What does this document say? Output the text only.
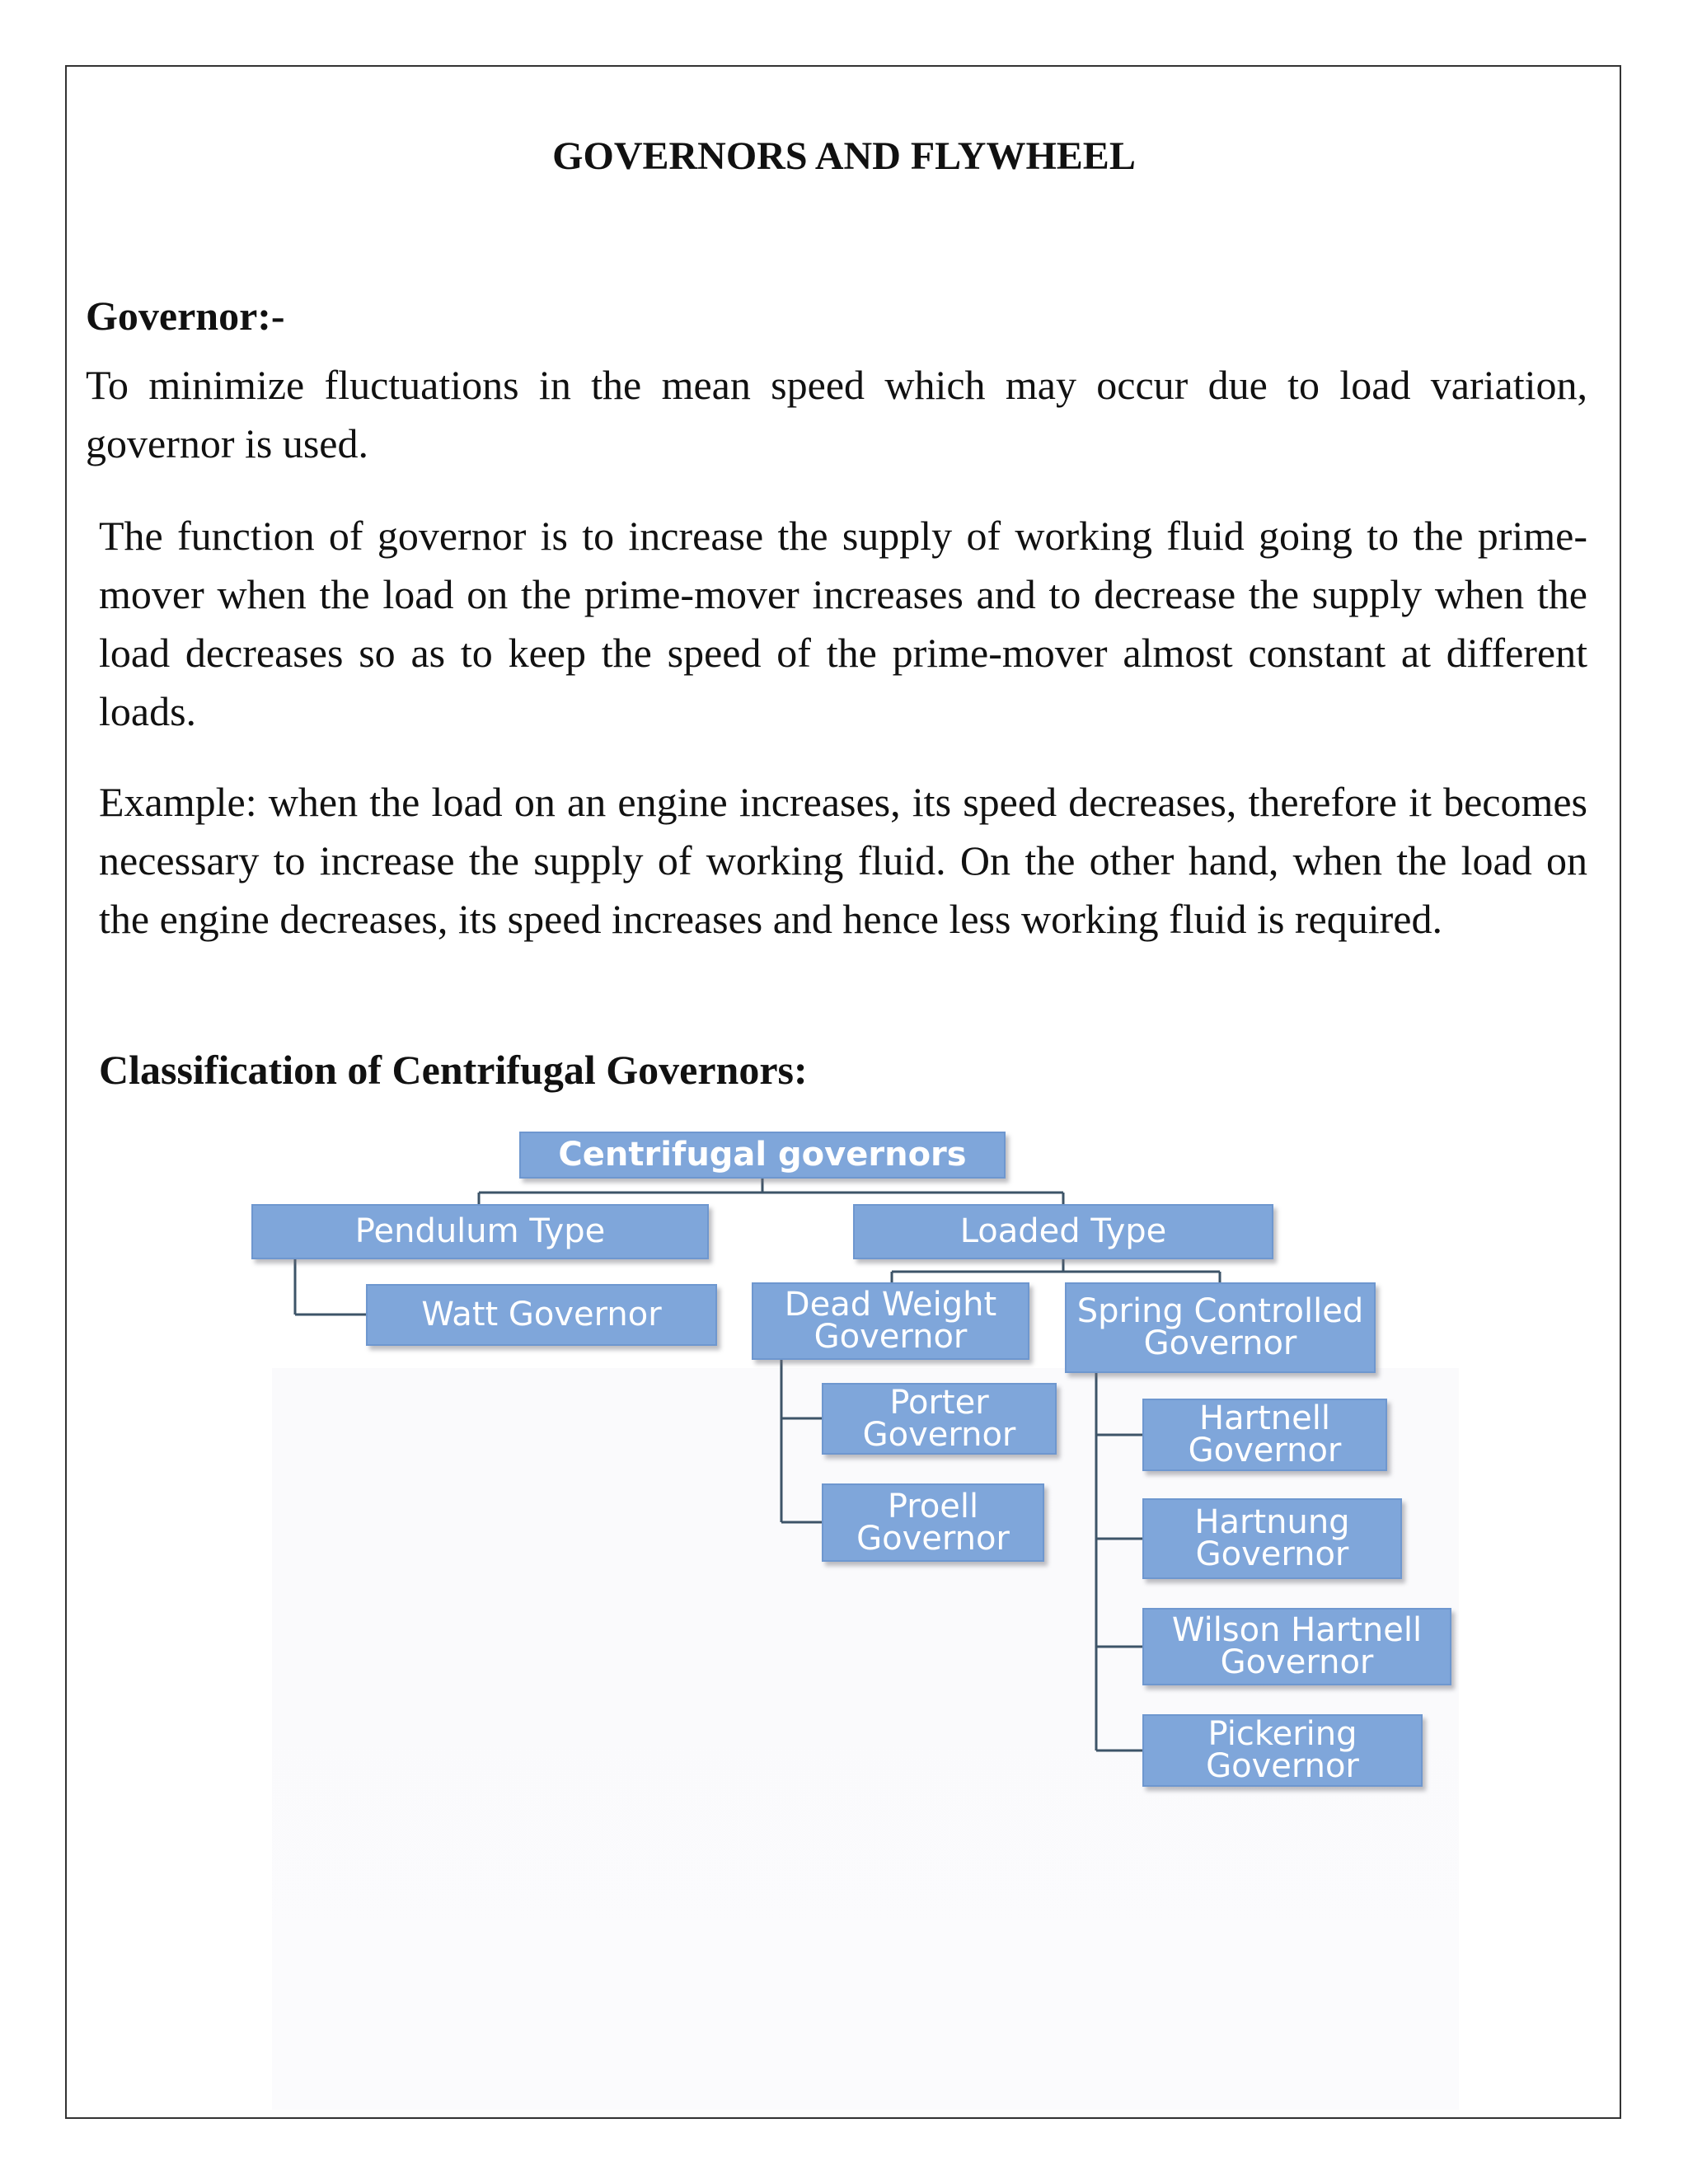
GOVERNORS AND FLYWHEEL
Governor:-

To minimize fluctuations in the mean speed which may occur due to load variation, governor is used.

The function of governor is to increase the supply of working fluid going to the prime-mover when the load on the prime-mover increases and to decrease the supply when the load decreases so as to keep the speed of the prime-mover almost constant at different loads.

Example: when the load on an engine increases, its speed decreases, therefore it becomes necessary to increase the supply of working fluid. On the other hand, when the load on the engine decreases, its speed increases and hence less working fluid is required.

Classification of Centrifugal Governors:
Centrifugal governors
Pendulum Type	Loaded Type
Watt Governor	Dead Weight Governor
Spring Controlled Governor
Porter Governor
Proell Governor
Hartnell Governor
Hartnung Governor
Wilson Hartnell Governor
Pickering Governor
